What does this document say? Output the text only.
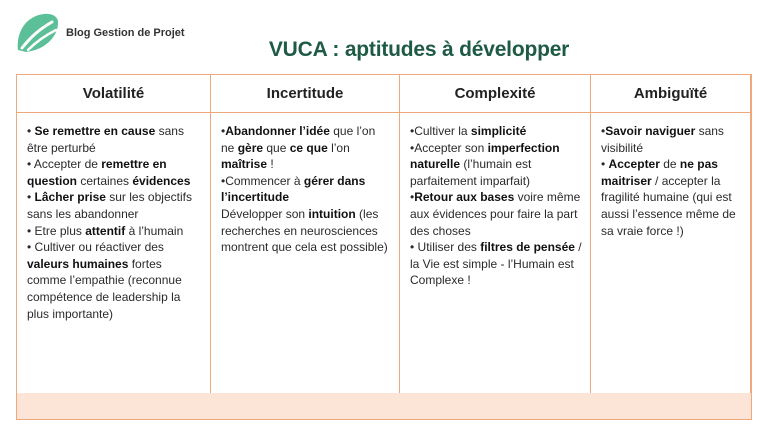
Blog Gestion de Projet
VUCA : aptitudes à développer
Volatilité
• Se remettre en cause sans être perturbé
• Accepter de remettre en question certaines évidences
• Lâcher prise sur les objectifs sans les abandonner
• Etre plus attentif à l’humain
• Cultiver ou réactiver des valeurs humaines fortes comme l’empathie (reconnue compétence de leadership la plus importante)
Incertitude
•Abandonner l’idée que l’on ne gère que ce que l’on maîtrise !
•Commencer à gérer dans l’incertitude
Développer son intuition (les recherches en neurosciences montrent que cela est possible)
Complexité
•Cultiver la simplicité
•Accepter son imperfection naturelle (l’humain est parfaitement imparfait)
•Retour aux bases voire même aux évidences pour faire la part des choses
• Utiliser des filtres de pensée / la Vie est simple - l’Humain est Complexe !
Ambiguïté
•Savoir naviguer sans visibilité
• Accepter de ne pas maitriser / accepter la fragilité humaine (qui est aussi l’essence même de sa vraie force !)
